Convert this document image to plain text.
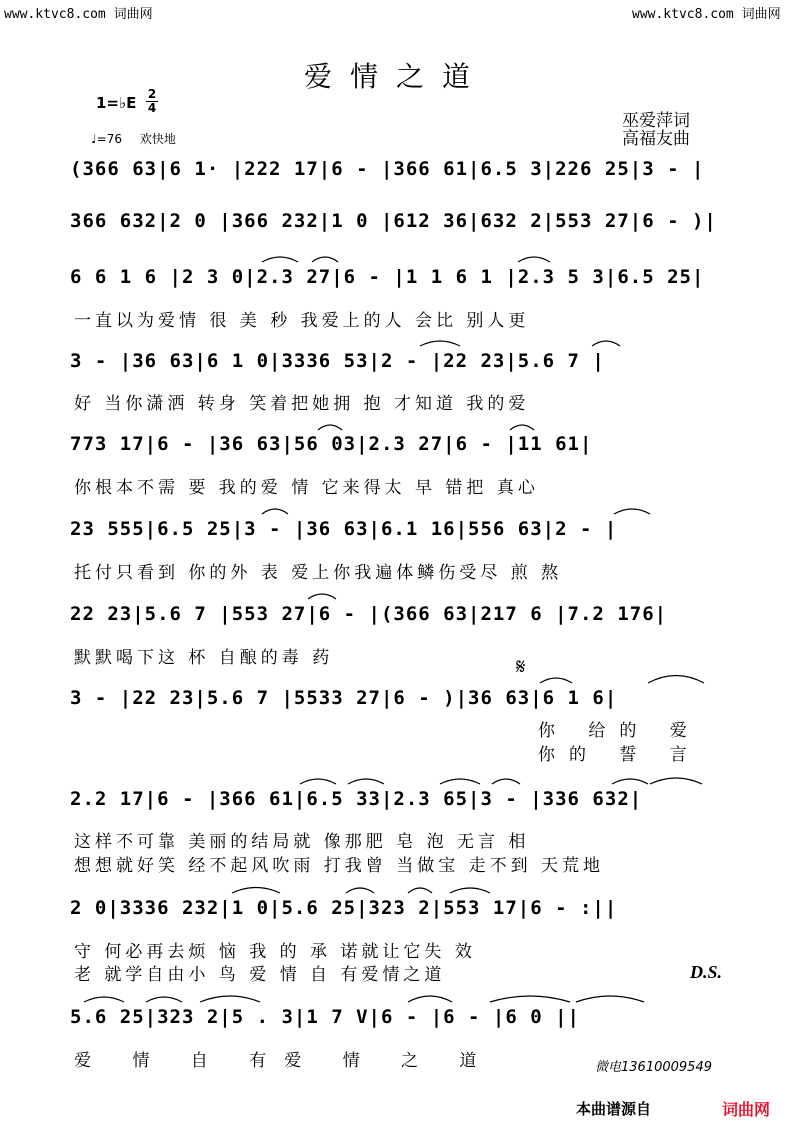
www.ktvc8.com 词曲网	www.ktvc8.com 词曲网
爱情之道
1=♭E $\frac{2}{4}$
♩=76 欢快地
巫爱萍词
高福友曲
(366 63|6 1· |222 17|6 - |366 61|6.5 3|226 25|3 - |
366 632|2 0 |366 232|1 0 |612 36|632 2|553 27|6 - )|
6 6 1 6 |2 3 0|2.3 27|6 - |1 1 6 1 |2.3 5 3|6.5 25|
一直以为爱情 很 美 秒 我爱上的人 会比 别人更
3 - |36 63|6 1 0|3336 53|2 - |22 23|5.6 7 |
好 当你潇洒 转身 笑着把她拥 抱 才知道 我的爱
773 17|6 - |36 63|56 03|2.3 27|6 - |11 61|
你根本不需 要 我的爱 情 它来得太 早 错把 真心
23 555|6.5 25|3 - |36 63|6.1 16|556 63|2 - |
托付只看到 你的外 表 爱上你我遍体鳞伤受尽 煎 熬
22 23|5.6 7 |553 27|6 - |(366 63|217 6 |7.2 176|
默默喝下这 杯 自酿的毒 药	𝄋
3 - |22 23|5.6 7 |5533 27|6 - )|36 63|6 1 6|
你 给的 爱
你的 誓 言
2.2 17|6 - |366 61|6.5 33|2.3 65|3 - |336 632|
这样不可靠 美丽的结局就 像那肥 皂 泡 无言 相
想想就好笑 经不起风吹雨 打我曾 当做宝 走不到 天荒地
2 0|3336 232|1 0|5.6 25|323 2|553 17|6 - :||
守 何必再去烦 恼 我 的 承 诺就让它失 效
老 就学自由小 鸟 爱 情 自 有爱情之道	D.S.
5.6 25|323 2|5 . 3|1 7 V|6 - |6 - |6 0 ||
爱 情 自 有爱 情 之 道	微电13610009549
本曲谱源自	词曲网
